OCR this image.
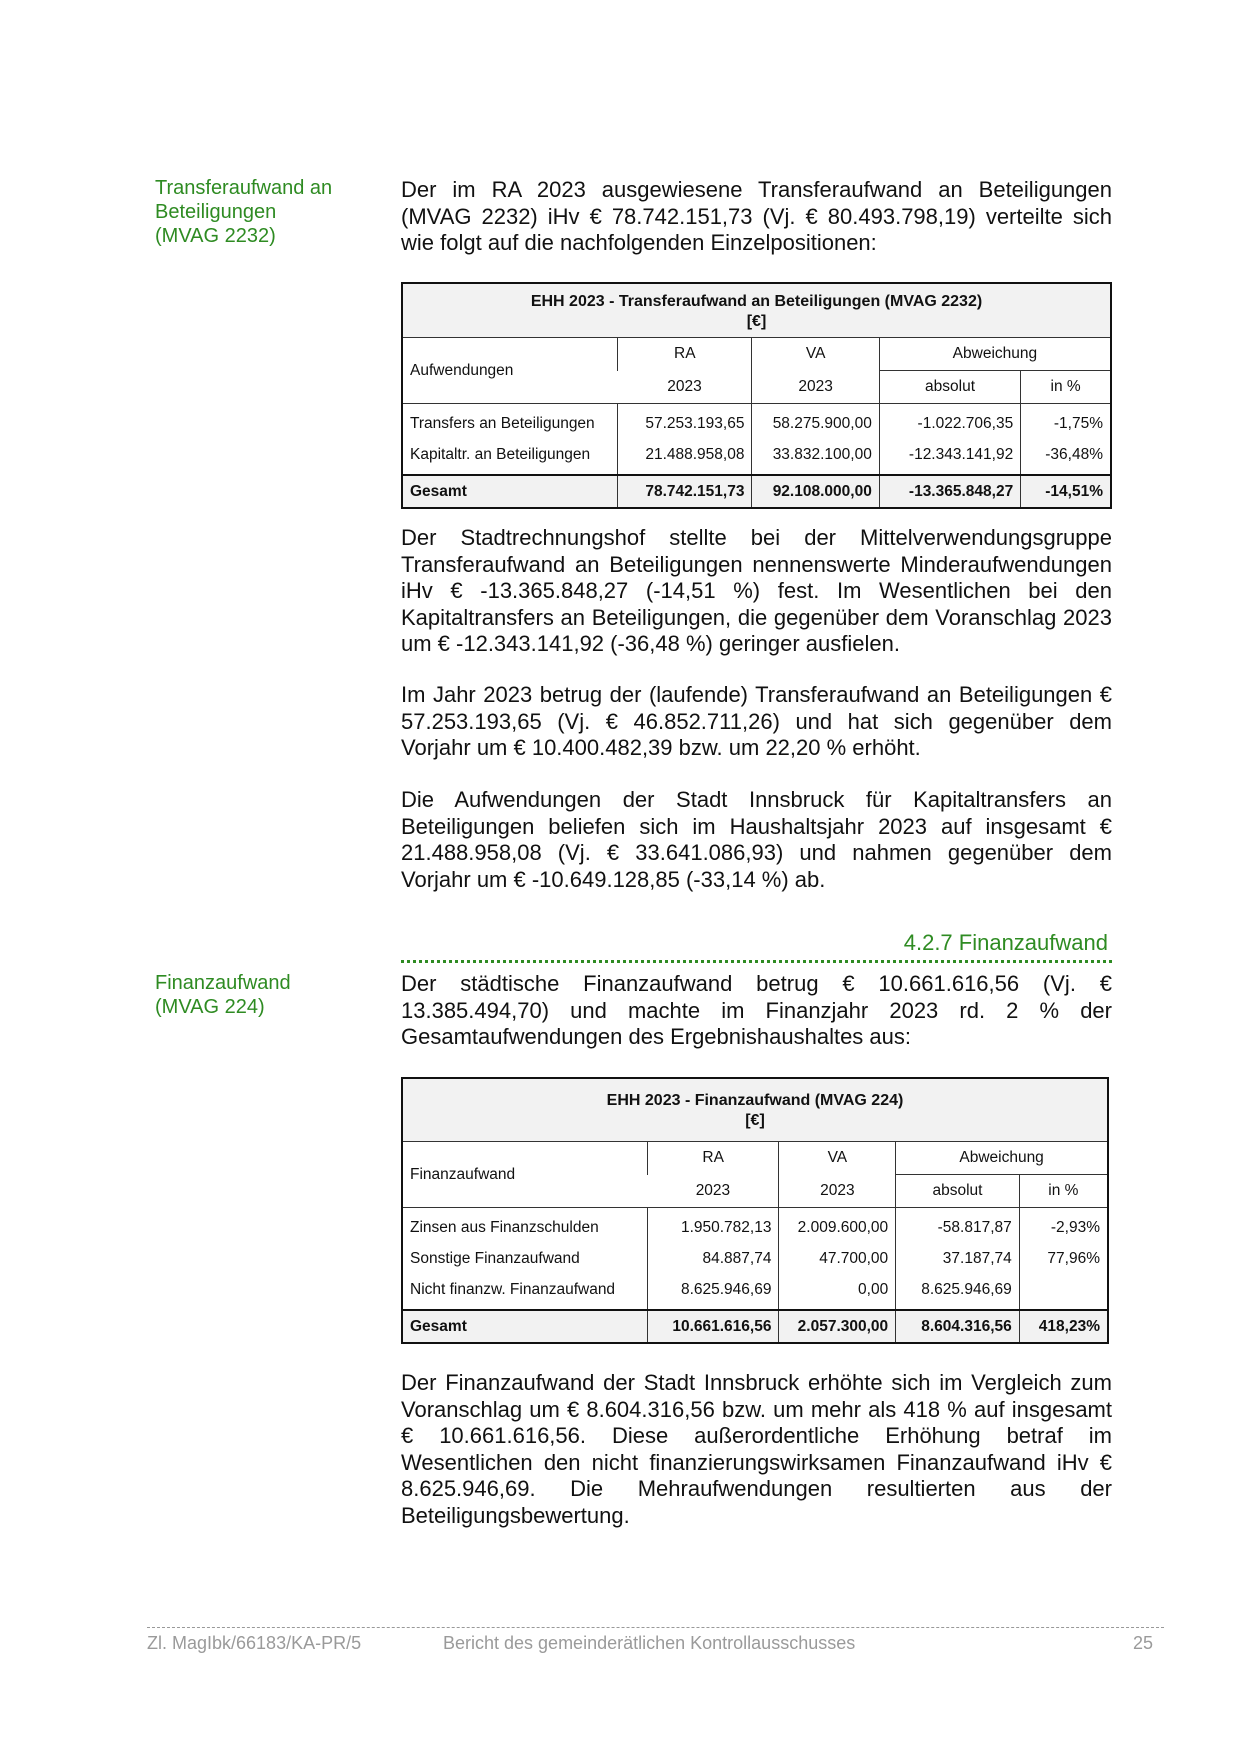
Transferaufwand an
Beteiligungen
(MVAG 2232)

Der im RA 2023 ausgewiesene Transferaufwand an Beteiligungen (MVAG 2232) iHv € 78.742.151,73 (Vj. € 80.493.798,19) verteilte sich wie folgt auf die nachfolgenden Einzelpositionen:

EHH 2023 - Transferaufwand an Beteiligungen (MVAG 2232)
[€]				

Aufwendungen	RA	VA	Abweichung	
	2023	2023	absolut	in %
Transfers an Beteiligungen	57.253.193,65	58.275.900,00	-1.022.706,35	-1,75%
Kapitaltr. an Beteiligungen	21.488.958,08	33.832.100,00	-12.343.141,92	-36,48%
Gesamt	78.742.151,73	92.108.000,00	-13.365.848,27	-14,51%

Der Stadtrechnungshof stellte bei der Mittelverwendungsgruppe Transferaufwand an Beteiligungen nennenswerte Minderaufwendungen iHv € -13.365.848,27 (-14,51 %) fest. Im Wesentlichen bei den Kapitaltransfers an Beteiligungen, die gegenüber dem Voranschlag 2023 um € -12.343.141,92 (-36,48 %) geringer ausfielen.

Im Jahr 2023 betrug der (laufende) Transferaufwand an Beteiligungen € 57.253.193,65 (Vj. € 46.852.711,26) und hat sich gegenüber dem Vorjahr um € 10.400.482,39 bzw. um 22,20 % erhöht.

Die Aufwendungen der Stadt Innsbruck für Kapitaltransfers an Beteiligungen beliefen sich im Haushaltsjahr 2023 auf insgesamt € 21.488.958,08 (Vj. € 33.641.086,93) und nahmen gegenüber dem Vorjahr um € -10.649.128,85 (-33,14 %) ab.

4.2.7 Finanzaufwand
Finanzaufwand
(MVAG 224)

Der städtische Finanzaufwand betrug € 10.661.616,56 (Vj. € 13.385.494,70) und machte im Finanzjahr 2023 rd. 2 % der Gesamtaufwendungen des Ergebnishaushaltes aus:

EHH 2023 - Finanzaufwand (MVAG 224)
[€]				

Finanzaufwand	RA	VA	Abweichung	
	2023	2023	absolut	in %
Zinsen aus Finanzschulden	1.950.782,13	2.009.600,00	-58.817,87	-2,93%
Sonstige Finanzaufwand	84.887,74	47.700,00	37.187,74	77,96%
Nicht finanzw. Finanzaufwand	8.625.946,69	0,00	8.625.946,69	
Gesamt	10.661.616,56	2.057.300,00	8.604.316,56	418,23%

Der Finanzaufwand der Stadt Innsbruck erhöhte sich im Vergleich zum Voranschlag um € 8.604.316,56 bzw. um mehr als 418 % auf insgesamt € 10.661.616,56. Diese außerordentliche Erhöhung betraf im Wesentlichen den nicht finanzierungswirksamen Finanzaufwand iHv € 8.625.946,69. Die Mehraufwendungen resultierten aus der Beteiligungsbewertung.

Zl. MagIbk/66183/KA-PR/5	Bericht des gemeinderätlichen Kontrollausschusses	25
